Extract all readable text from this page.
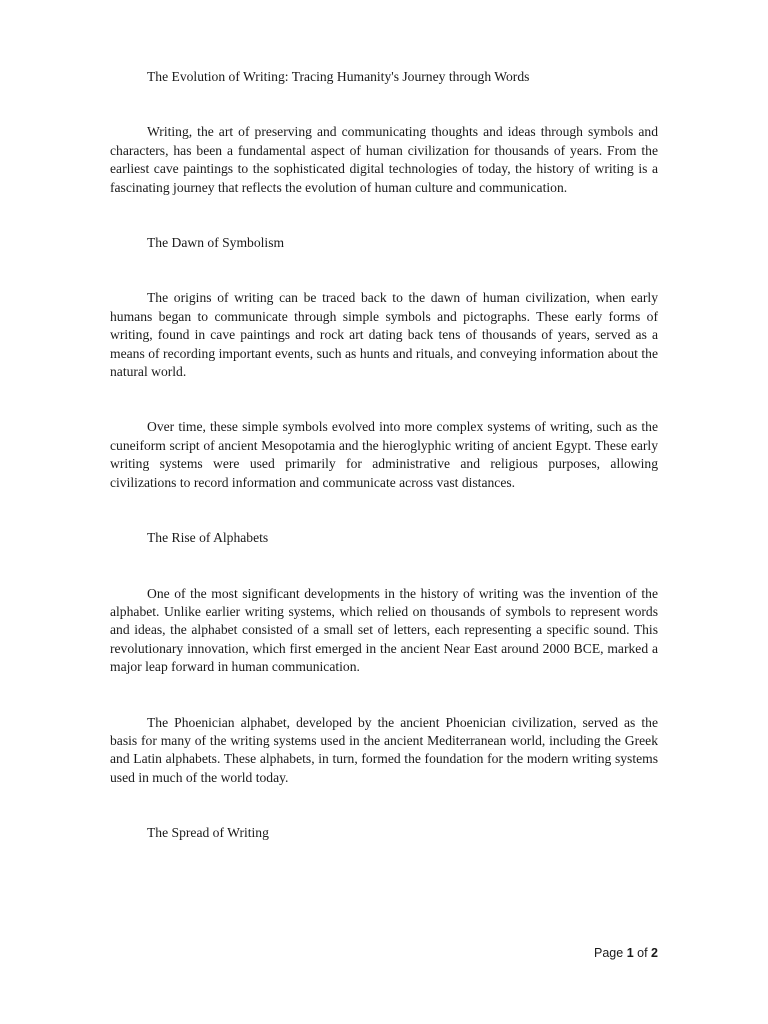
The Evolution of Writing: Tracing Humanity's Journey through Words

Writing, the art of preserving and communicating thoughts and ideas through symbols and characters, has been a fundamental aspect of human civilization for thousands of years. From the earliest cave paintings to the sophisticated digital technologies of today, the history of writing is a fascinating journey that reflects the evolution of human culture and communication.

The Dawn of Symbolism

The origins of writing can be traced back to the dawn of human civilization, when early humans began to communicate through simple symbols and pictographs. These early forms of writing, found in cave paintings and rock art dating back tens of thousands of years, served as a means of recording important events, such as hunts and rituals, and conveying information about the natural world.

Over time, these simple symbols evolved into more complex systems of writing, such as the cuneiform script of ancient Mesopotamia and the hieroglyphic writing of ancient Egypt. These early writing systems were used primarily for administrative and religious purposes, allowing civilizations to record information and communicate across vast distances.

The Rise of Alphabets

One of the most significant developments in the history of writing was the invention of the alphabet. Unlike earlier writing systems, which relied on thousands of symbols to represent words and ideas, the alphabet consisted of a small set of letters, each representing a specific sound. This revolutionary innovation, which first emerged in the ancient Near East around 2000 BCE, marked a major leap forward in human communication.

The Phoenician alphabet, developed by the ancient Phoenician civilization, served as the basis for many of the writing systems used in the ancient Mediterranean world, including the Greek and Latin alphabets. These alphabets, in turn, formed the foundation for the modern writing systems used in much of the world today.

The Spread of Writing

Page 1 of 2
